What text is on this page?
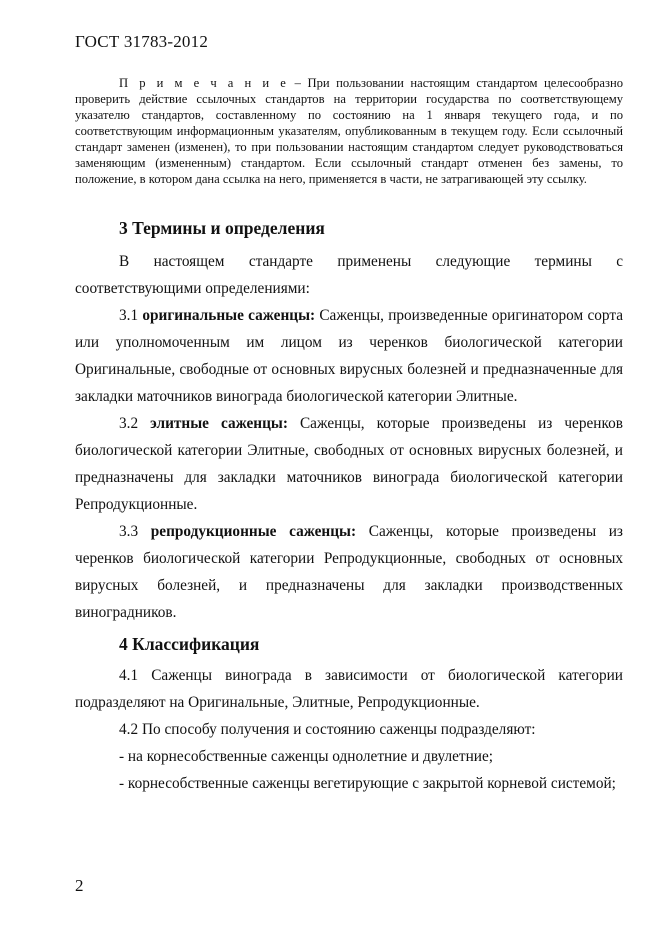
ГОСТ 31783-2012

П р и м е ч а н и е – При пользовании настоящим стандартом целесообразно проверить действие ссылочных стандартов на территории государства по соответствующему указателю стандартов, составленному по состоянию на 1 января текущего года, и по соответствующим информационным указателям, опубликованным в текущем году. Если ссылочный стандарт заменен (изменен), то при пользовании настоящим стандартом следует руководствоваться заменяющим (измененным) стандартом. Если ссылочный стандарт отменен без замены, то положение, в котором дана ссылка на него, применяется в части, не затрагивающей эту ссылку.

3 Термины и определения

В настоящем стандарте применены следующие термины с соответствующими определениями:

3.1 оригинальные саженцы: Саженцы, произведенные оригинатором сорта или уполномоченным им лицом из черенков биологической категории Оригинальные, свободные от основных вирусных болезней и предназначенные для закладки маточников винограда биологической категории Элитные.

3.2 элитные саженцы: Саженцы, которые произведены из черенков биологической категории Элитные, свободных от основных вирусных болезней, и предназначены для закладки маточников винограда биологической категории Репродукционные.

3.3 репродукционные саженцы: Саженцы, которые произведены из черенков биологической категории Репродукционные, свободных от основных вирусных болезней, и предназначены для закладки производственных виноградников.

4 Классификация

4.1 Саженцы винограда в зависимости от биологической категории подразделяют на Оригинальные, Элитные, Репродукционные.

4.2 По способу получения и состоянию саженцы подразделяют:

- на корнесобственные саженцы однолетние и двулетние;

- корнесобственные саженцы вегетирующие с закрытой корневой системой;

2
